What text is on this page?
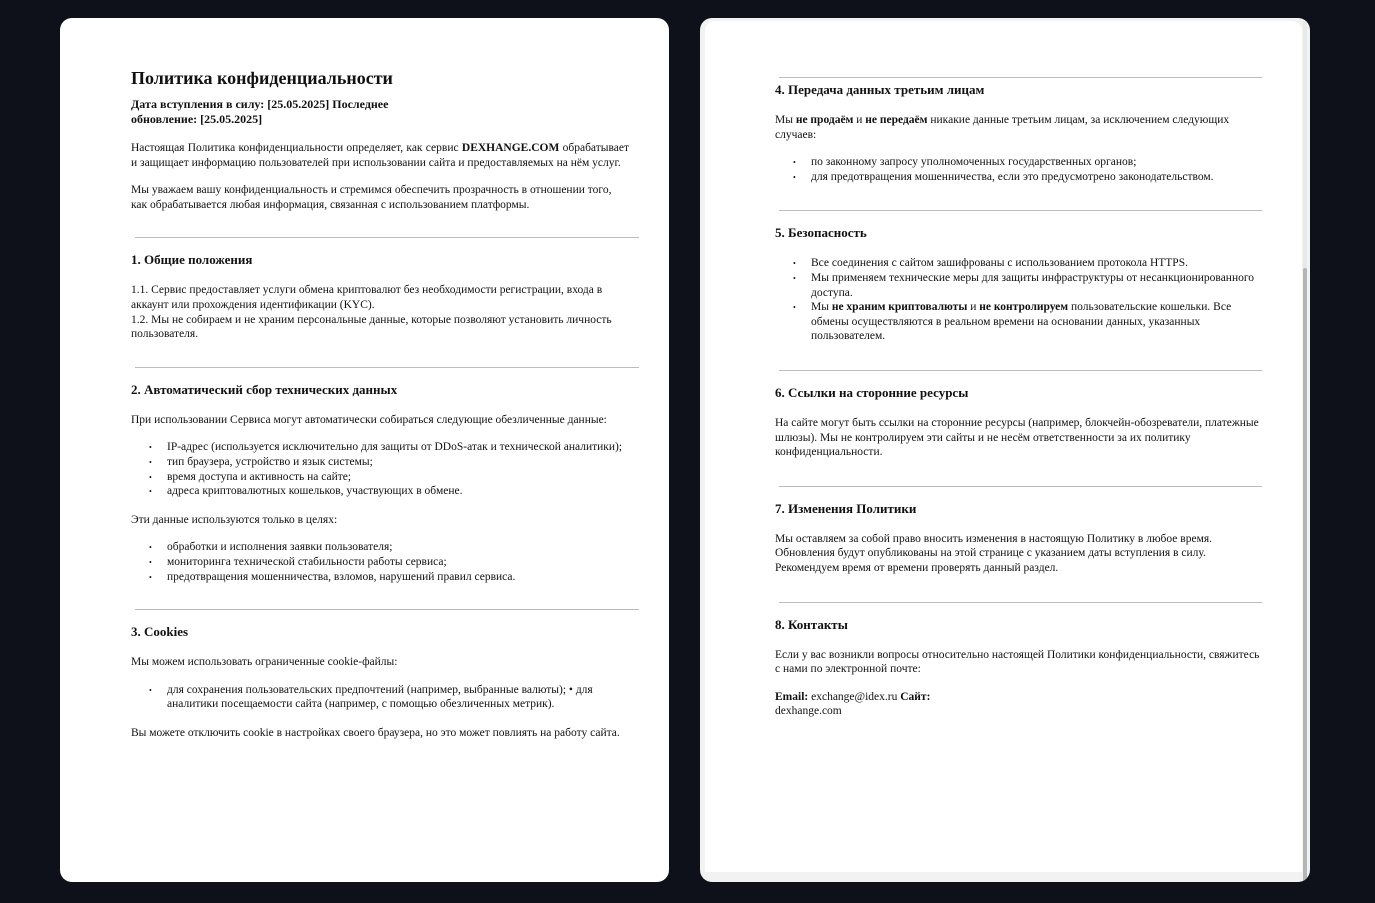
Политика конфиденциальности
Дата вступления в силу: [25.05.2025] Последнее обновление: [25.05.2025]

Настоящая Политика конфиденциальности определяет, как сервис DEXHANGE.COM обрабатывает и защищает информацию пользователей при использовании сайта и предоставляемых на нём услуг.

Мы уважаем вашу конфиденциальность и стремимся обеспечить прозрачность в отношении того, как обрабатывается любая информация, связанная с использованием платформы.

1. Общие положения

1.1. Сервис предоставляет услуги обмена криптовалют без необходимости регистрации, входа в аккаунт или прохождения идентификации (KYC).

1.2. Мы не собираем и не храним персональные данные, которые позволяют установить личность пользователя.

2. Автоматический сбор технических данных

При использовании Сервиса могут автоматически собираться следующие обезличенные данные:

• IP-адрес (используется исключительно для защиты от DDoS-атак и технической аналитики);
• тип браузера, устройство и язык системы;
• время доступа и активность на сайте;
• адреса криптовалютных кошельков, участвующих в обмене.

Эти данные используются только в целях:

• обработки и исполнения заявки пользователя;
• мониторинга технической стабильности работы сервиса;
• предотвращения мошенничества, взломов, нарушений правил сервиса.
3. Cookies

Мы можем использовать ограниченные cookie-файлы:

• для сохранения пользовательских предпочтений (например, выбранные валюты); • для аналитики посещаемости сайта (например, с помощью обезличенных метрик).

Вы можете отключить cookie в настройках своего браузера, но это может повлиять на работу сайта.

4. Передача данных третьим лицам

Мы не продаём и не передаём никакие данные третьим лицам, за исключением следующих случаев:

• по законному запросу уполномоченных государственных органов;
• для предотвращения мошенничества, если это предусмотрено законодательством.
5. Безопасность
• Все соединения с сайтом зашифрованы с использованием протокола HTTPS.
• Мы применяем технические меры для защиты инфраструктуры от несанкционированного доступа.
• Мы не храним криптовалюты и не контролируем пользовательские кошельки. Все обмены осуществляются в реальном времени на основании данных, указанных пользователем.
6. Ссылки на сторонние ресурсы

На сайте могут быть ссылки на сторонние ресурсы (например, блокчейн-обозреватели, платежные шлюзы). Мы не контролируем эти сайты и не несём ответственности за их политику конфиденциальности.

7. Изменения Политики

Мы оставляем за собой право вносить изменения в настоящую Политику в любое время. Обновления будут опубликованы на этой странице с указанием даты вступления в силу. Рекомендуем время от времени проверять данный раздел.

8. Контакты

Если у вас возникли вопросы относительно настоящей Политики конфиденциальности, свяжитесь с нами по электронной почте:

Email: exchange@idex.ru Сайт:
dexhange.com
